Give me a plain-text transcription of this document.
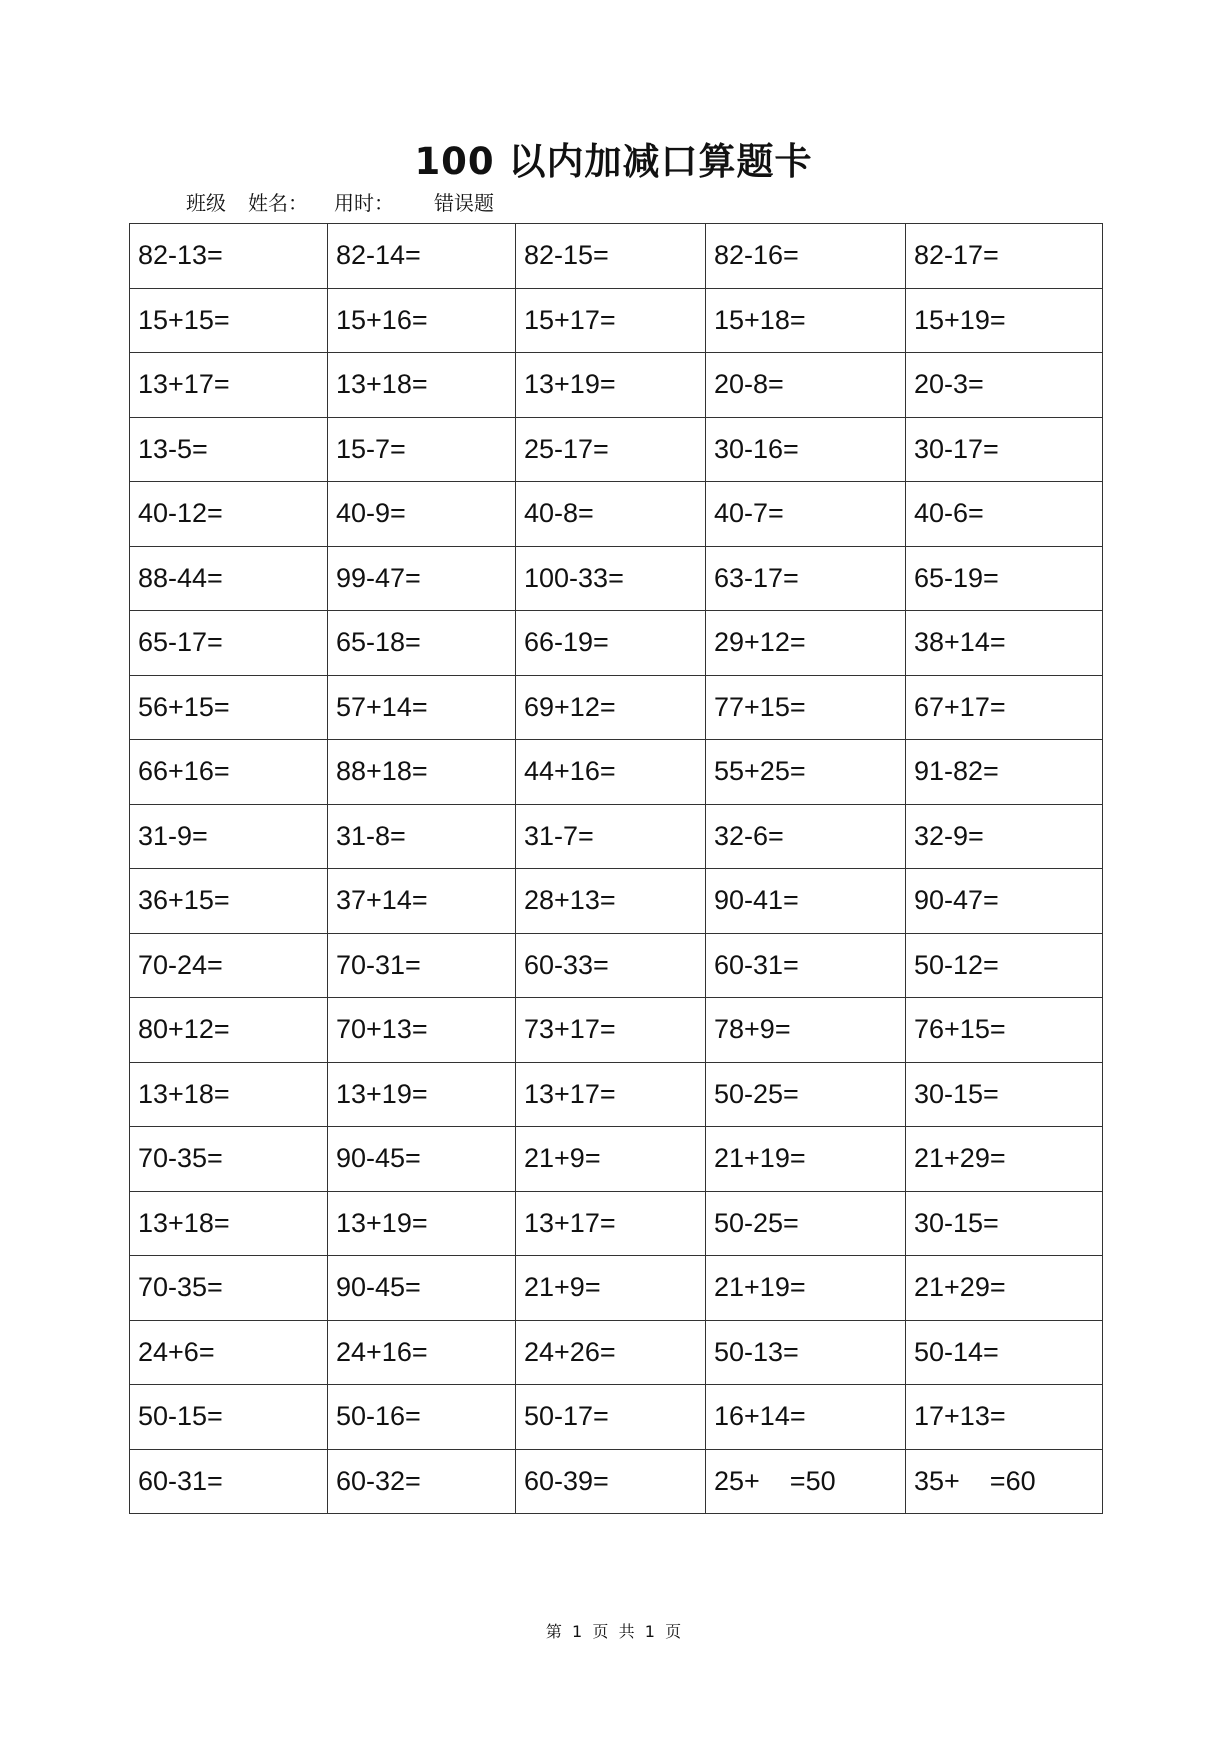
100 以内加减口算题卡
班级 姓名： 用时： 错误题
82-13=	82-14=	82-15=	82-16=	82-17=
15+15=	15+16=	15+17=	15+18=	15+19=
13+17=	13+18=	13+19=	20-8=	20-3=
13-5=	15-7=	25-17=	30-16=	30-17=
40-12=	40-9=	40-8=	40-7=	40-6=
88-44=	99-47=	100-33=	63-17=	65-19=
65-17=	65-18=	66-19=	29+12=	38+14=
56+15=	57+14=	69+12=	77+15=	67+17=
66+16=	88+18=	44+16=	55+25=	91-82=
31-9=	31-8=	31-7=	32-6=	32-9=
36+15=	37+14=	28+13=	90-41=	90-47=
70-24=	70-31=	60-33=	60-31=	50-12=
80+12=	70+13=	73+17=	78+9=	76+15=
13+18=	13+19=	13+17=	50-25=	30-15=
70-35=	90-45=	21+9=	21+19=	21+29=
13+18=	13+19=	13+17=	50-25=	30-15=
70-35=	90-45=	21+9=	21+19=	21+29=
24+6=	24+16=	24+26=	50-13=	50-14=
50-15=	50-16=	50-17=	16+14=	17+13=
60-31=	60-32=	60-39=	25+    =50	35+    =60
第  1  页  共  1  页
